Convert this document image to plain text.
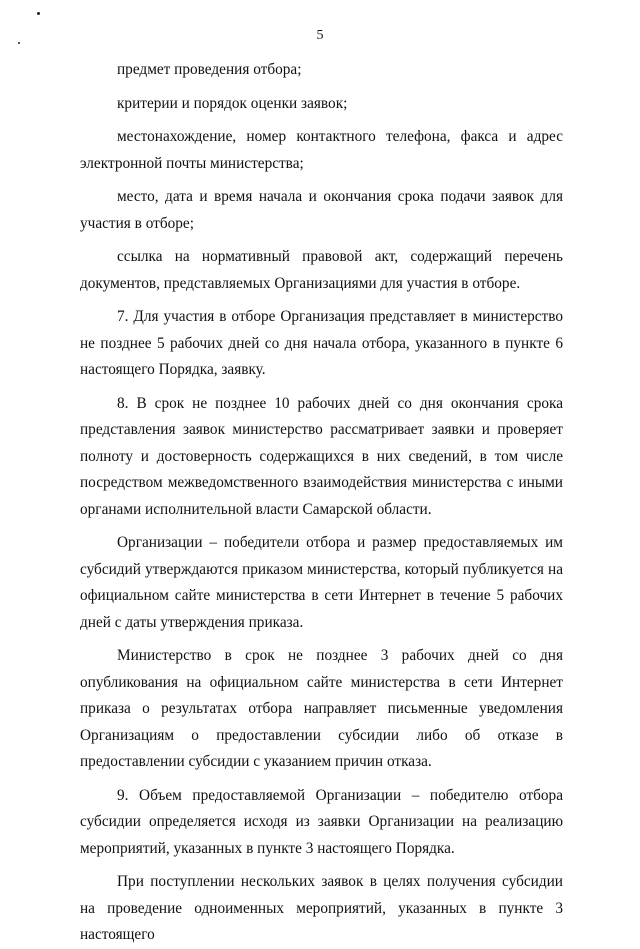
5

предмет проведения отбора;

критерии и порядок оценки заявок;

местонахождение, номер контактного телефона, факса и адрес электронной почты министерства;

место, дата и время начала и окончания срока подачи заявок для участия в отборе;

ссылка на нормативный правовой акт, содержащий перечень документов, представляемых Организациями для участия в отборе.

7. Для участия в отборе Организация представляет в министерство не позднее 5 рабочих дней со дня начала отбора, указанного в пункте 6 настоящего Порядка, заявку.

8. В срок не позднее 10 рабочих дней со дня окончания срока представления заявок министерство рассматривает заявки и проверяет полноту и достоверность содержащихся в них сведений, в том числе посредством межведомственного взаимодействия министерства с иными органами исполнительной власти Самарской области.

Организации – победители отбора и размер предоставляемых им субсидий утверждаются приказом министерства, который публикуется на официальном сайте министерства в сети Интернет в течение 5 рабочих дней с даты утверждения приказа.

Министерство в срок не позднее 3 рабочих дней со дня опубликования на официальном сайте министерства в сети Интернет приказа о результатах отбора направляет письменные уведомления Организациям о предоставлении субсидии либо об отказе в предоставлении субсидии с указанием причин отказа.

9. Объем предоставляемой Организации – победителю отбора субсидии определяется исходя из заявки Организации на реализацию мероприятий, указанных в пункте 3 настоящего Порядка.

При поступлении нескольких заявок в целях получения субсидии на проведение одноименных мероприятий, указанных в пункте 3 настоящего
